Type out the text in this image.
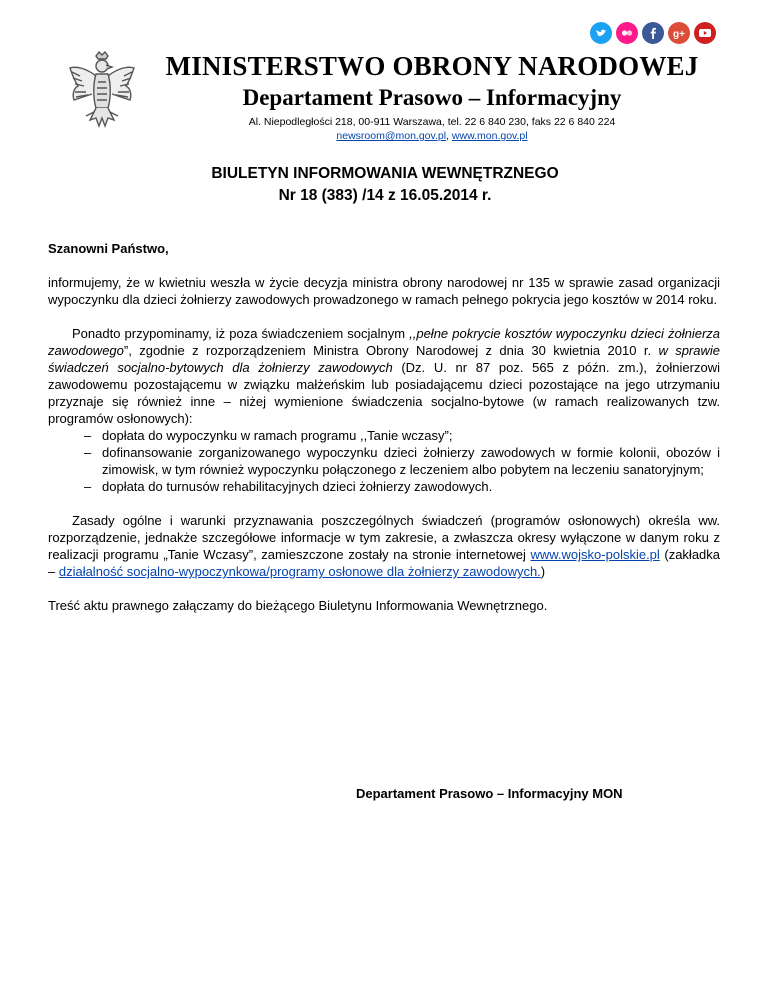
g+
MINISTERSTWO OBRONY NARODOWEJ
Departament Prasowo – Informacyjny
Al. Niepodległości 218, 00-911 Warszawa, tel. 22 6 840 230, faks 22 6 840 224
newsroom@mon.gov.pl, www.mon.gov.pl
BIULETYN INFORMOWANIA WEWNĘTRZNEGO
Nr 18 (383) /14 z 16.05.2014 r.

Szanowni Państwo,

informujemy, że w kwietniu weszła w życie decyzja ministra obrony narodowej nr 135 w sprawie zasad organizacji wypoczynku dla dzieci żołnierzy zawodowych prowadzonego w ramach pełnego pokrycia jego kosztów w 2014 roku.

Ponadto przypominamy, iż poza świadczeniem socjalnym ,,pełne pokrycie kosztów wypoczynku dzieci żołnierza zawodowego”, zgodnie z rozporządzeniem Ministra Obrony Narodowej z dnia 30 kwietnia 2010 r. w sprawie świadczeń socjalno-bytowych dla żołnierzy zawodowych (Dz. U. nr 87 poz. 565 z późn. zm.), żołnierzowi zawodowemu pozostającemu w związku małżeńskim lub posiadającemu dzieci pozostające na jego utrzymaniu przyznaje się również inne – niżej wymienione świadczenia socjalno-bytowe (w ramach realizowanych tzw. programów osłonowych):

– dopłata do wypoczynku w ramach programu ,,Tanie wczasy”;
– dofinansowanie zorganizowanego wypoczynku dzieci żołnierzy zawodowych w formie kolonii, obozów i zimowisk, w tym również wypoczynku połączonego z leczeniem albo pobytem na leczeniu sanatoryjnym;
– dopłata do turnusów rehabilitacyjnych dzieci żołnierzy zawodowych.

Zasady ogólne i warunki przyznawania poszczególnych świadczeń (programów osłonowych) określa ww. rozporządzenie, jednakże szczegółowe informacje w tym zakresie, a zwłaszcza okresy wyłączone w danym roku z realizacji programu „Tanie Wczasy”, zamieszczone zostały na stronie internetowej www.wojsko-polskie.pl (zakładka – działalność socjalno-wypoczynkowa/programy osłonowe dla żołnierzy zawodowych.)

Treść aktu prawnego załączamy do bieżącego Biuletynu Informowania Wewnętrznego.

Departament Prasowo – Informacyjny MON
